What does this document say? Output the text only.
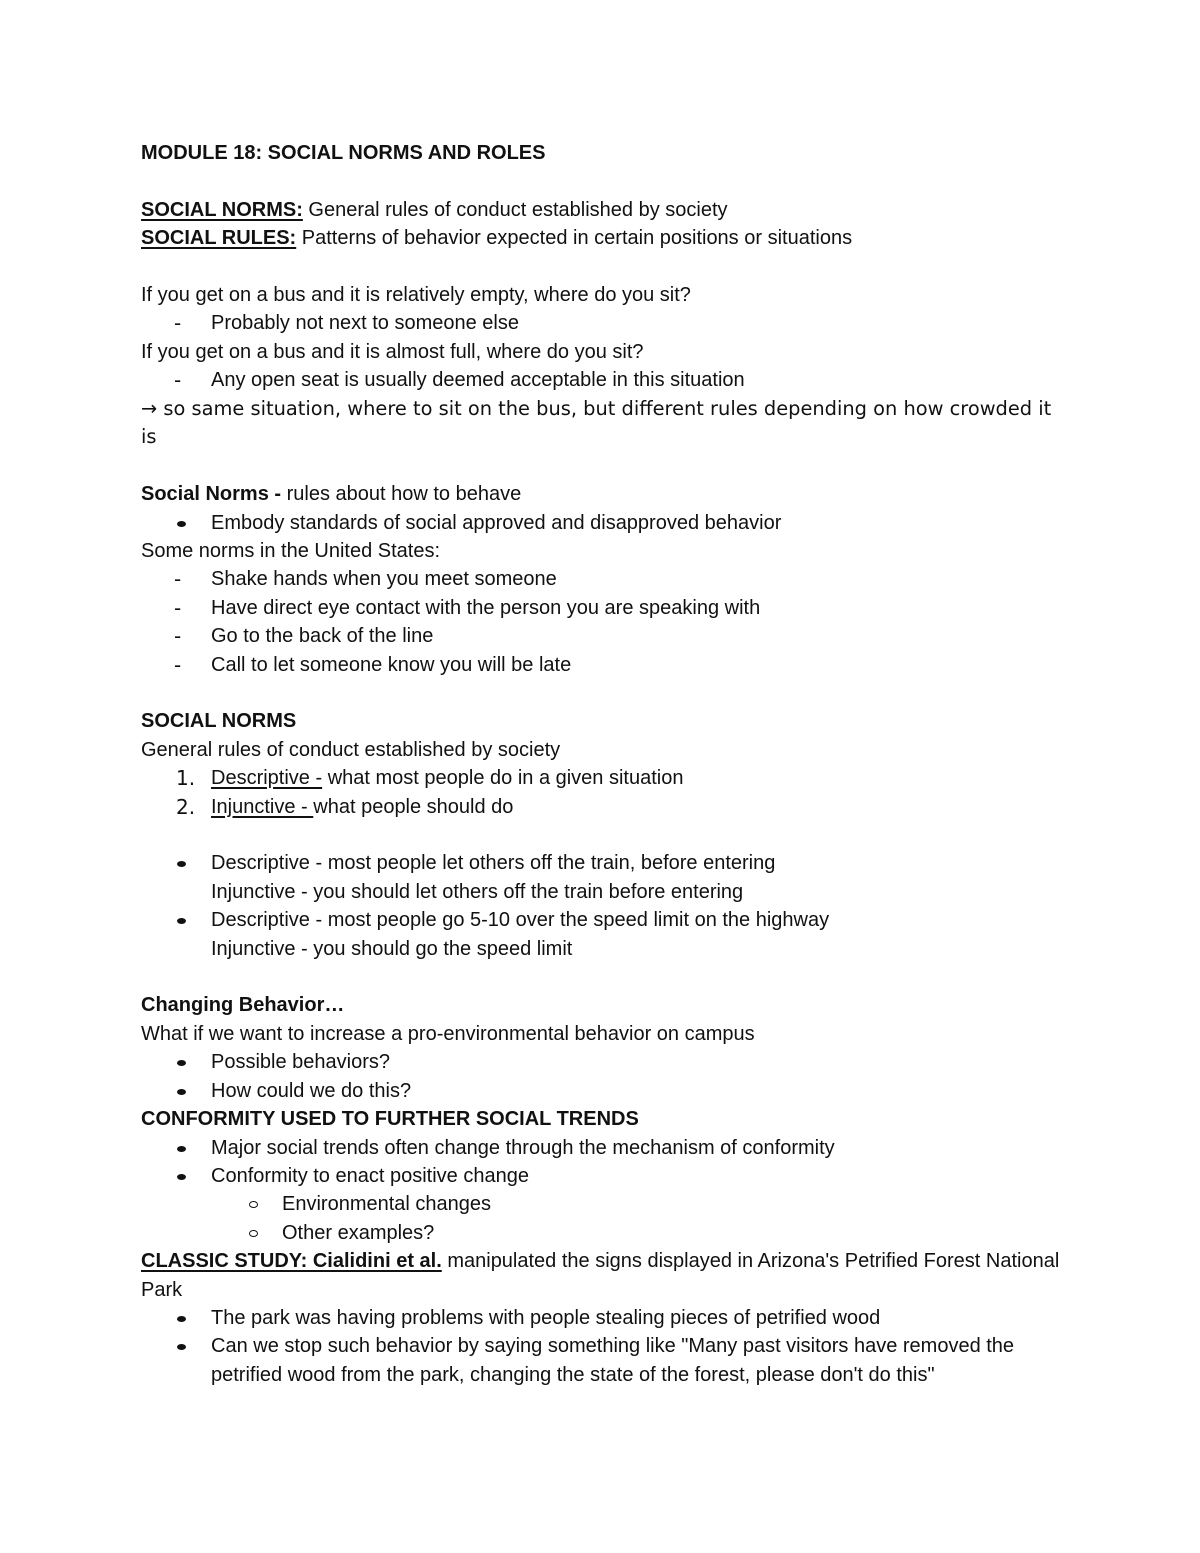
MODULE 18: SOCIAL NORMS AND ROLES
SOCIAL NORMS: General rules of conduct established by society
SOCIAL RULES: Patterns of behavior expected in certain positions or situations
If you get on a bus and it is relatively empty, where do you sit?
- Probably not next to someone else
If you get on a bus and it is almost full, where do you sit?
- Any open seat is usually deemed acceptable in this situation
→ so same situation, where to sit on the bus, but different rules depending on how crowded it is
Social Norms - rules about how to behave
Embody standards of social approved and disapproved behavior
Some norms in the United States:
- Shake hands when you meet someone
- Have direct eye contact with the person you are speaking with
- Go to the back of the line
- Call to let someone know you will be late
SOCIAL NORMS
General rules of conduct established by society
1. Descriptive - what most people do in a given situation
2. Injunctive - what people should do
Descriptive - most people let others off the train, before entering
Injunctive - you should let others off the train before entering
Descriptive - most people go 5-10 over the speed limit on the highway
Injunctive - you should go the speed limit
Changing Behavior…
What if we want to increase a pro-environmental behavior on campus
Possible behaviors?
How could we do this?
CONFORMITY USED TO FURTHER SOCIAL TRENDS
Major social trends often change through the mechanism of conformity
Conformity to enact positive change
Environmental changes
Other examples?
CLASSIC STUDY: Cialidini et al. manipulated the signs displayed in Arizona's Petrified Forest National Park
The park was having problems with people stealing pieces of petrified wood
Can we stop such behavior by saying something like "Many past visitors have removed the petrified wood from the park, changing the state of the forest, please don't do this"
